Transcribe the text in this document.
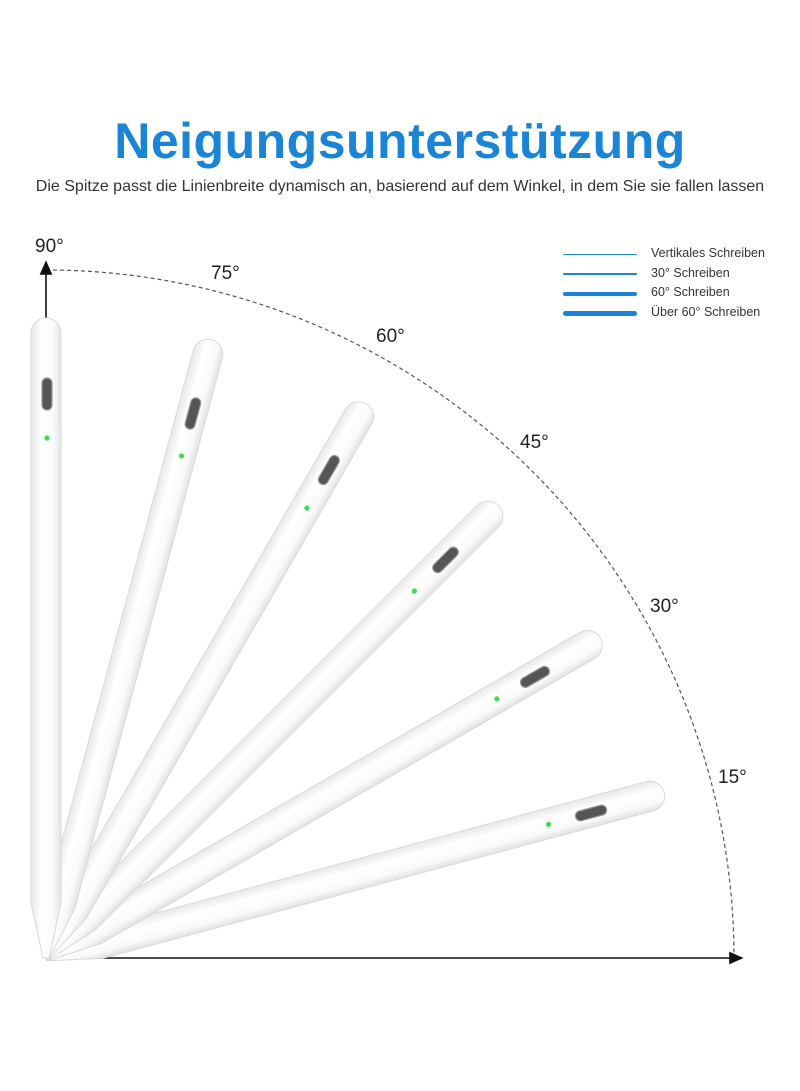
Neigungsunterstützung
Die Spitze passt die Linienbreite dynamisch an, basierend auf dem Winkel, in dem Sie sie fallen lassen
90°
75°
60°
45°
30°
15°
Vertikales Schreiben
30° Schreiben
60° Schreiben
Über 60° Schreiben
